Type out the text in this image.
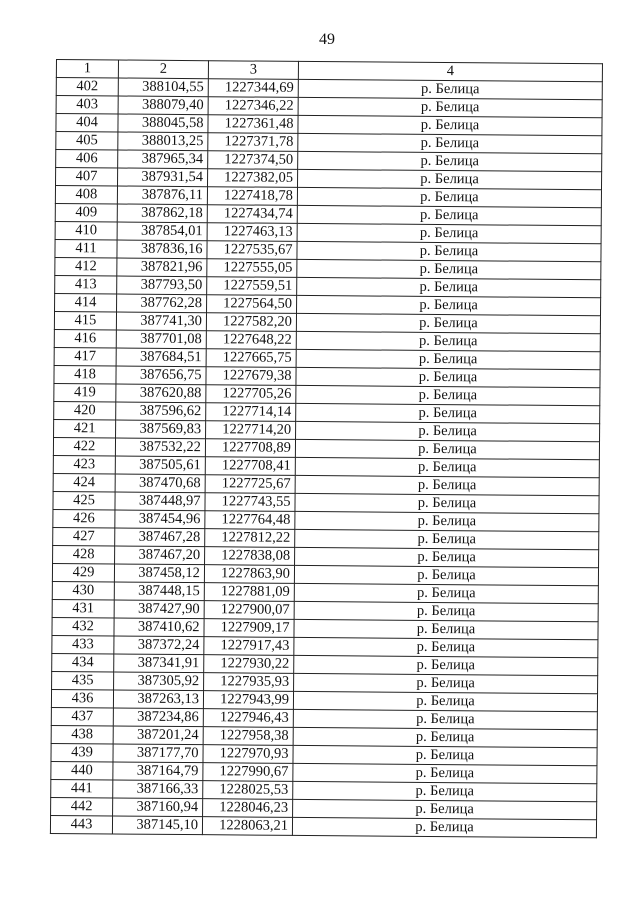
49
1	2	3	4
402	388104,55	1227344,69	р. Белица
403	388079,40	1227346,22	р. Белица
404	388045,58	1227361,48	р. Белица
405	388013,25	1227371,78	р. Белица
406	387965,34	1227374,50	р. Белица
407	387931,54	1227382,05	р. Белица
408	387876,11	1227418,78	р. Белица
409	387862,18	1227434,74	р. Белица
410	387854,01	1227463,13	р. Белица
411	387836,16	1227535,67	р. Белица
412	387821,96	1227555,05	р. Белица
413	387793,50	1227559,51	р. Белица
414	387762,28	1227564,50	р. Белица
415	387741,30	1227582,20	р. Белица
416	387701,08	1227648,22	р. Белица
417	387684,51	1227665,75	р. Белица
418	387656,75	1227679,38	р. Белица
419	387620,88	1227705,26	р. Белица
420	387596,62	1227714,14	р. Белица
421	387569,83	1227714,20	р. Белица
422	387532,22	1227708,89	р. Белица
423	387505,61	1227708,41	р. Белица
424	387470,68	1227725,67	р. Белица
425	387448,97	1227743,55	р. Белица
426	387454,96	1227764,48	р. Белица
427	387467,28	1227812,22	р. Белица
428	387467,20	1227838,08	р. Белица
429	387458,12	1227863,90	р. Белица
430	387448,15	1227881,09	р. Белица
431	387427,90	1227900,07	р. Белица
432	387410,62	1227909,17	р. Белица
433	387372,24	1227917,43	р. Белица
434	387341,91	1227930,22	р. Белица
435	387305,92	1227935,93	р. Белица
436	387263,13	1227943,99	р. Белица
437	387234,86	1227946,43	р. Белица
438	387201,24	1227958,38	р. Белица
439	387177,70	1227970,93	р. Белица
440	387164,79	1227990,67	р. Белица
441	387166,33	1228025,53	р. Белица
442	387160,94	1228046,23	р. Белица
443	387145,10	1228063,21	р. Белица
